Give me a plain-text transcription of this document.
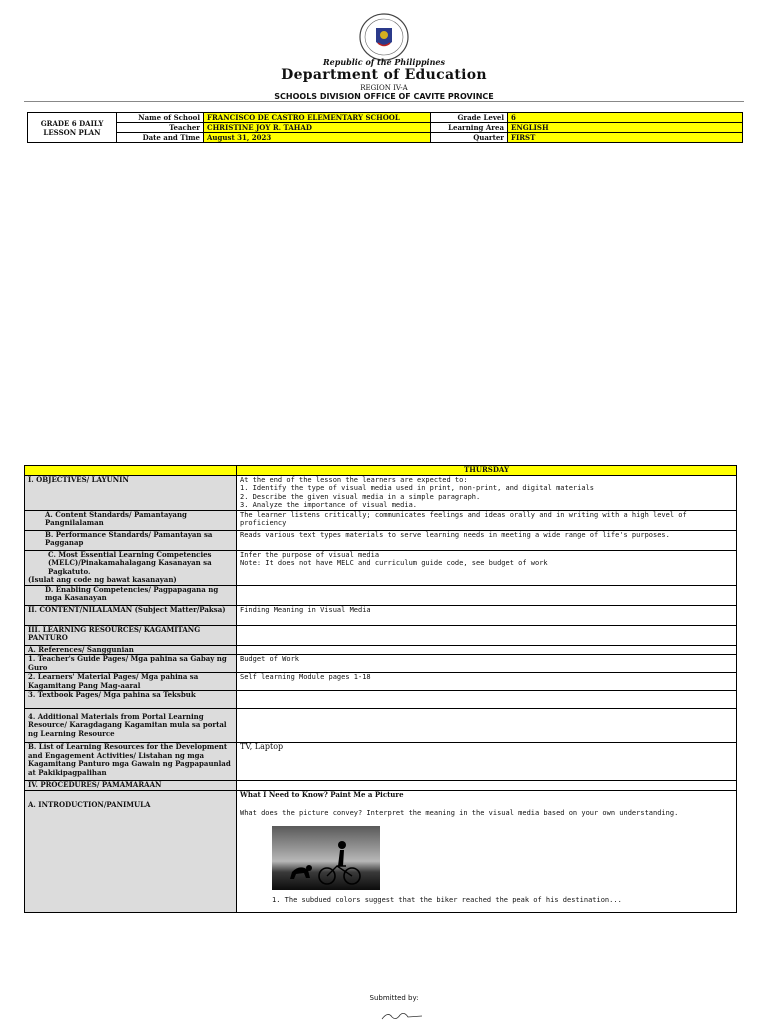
Republic of the Philippines
Department of Education
REGION IV-A
SCHOOLS DIVISION OFFICE OF CAVITE PROVINCE
GRADE 6 DAILY LESSON PLAN	Name of School	FRANCISCO DE CASTRO ELEMENTARY SCHOOL	Grade Level	6
	Teacher	CHRISTINE JOY R. TAHAD	Learning Area	ENGLISH
	Date and Time	August 31, 2023	Quarter	FIRST
	THURSDAY
I. OBJECTIVES/ LAYUNIN	At the end of the lesson the learners are expected to:
1. Identify the type of visual media used in print, non-print, and digital materials
2. Describe the given visual media in a simple paragraph.
3. Analyze the importance of visual media.

A. Content Standards/ Pamantayang Pangnilalaman	The learner listens critically; communicates feelings and ideas orally and in writing with a high level of proficiency
B. Performance Standards/ Pamantayan sa Pagganap	Reads various text types materials to serve learning needs in meeting a wide range of life's purposes.

C. Most Essential Learning Competencies (MELC)/Pinakamahalagang Kasanayan sa Pagkatuto.
(Isulat ang code ng bawat kasanayan)	Infer the purpose of visual media
Note: It does not have MELC and curriculum guide code, see budget of work

D. Enabling Competencies/ Pagpapagana ng mga Kasanayan	
II. CONTENT/NILALAMAN (Subject Matter/Paksa)	Finding Meaning in Visual Media
III. LEARNING RESOURCES/ KAGAMITANG PANTURO	
A. References/ Sanggunian	
1. Teacher's Guide Pages/ Mga pahina sa Gabay ng Guro	Budget of Work
2. Learners' Material Pages/ Mga pahina sa Kagamitang Pang Mag-aaral	Self learning Module pages 1-18
3. Textbook Pages/ Mga pahina sa Teksbuk	
4. Additional Materials from Portal Learning Resource/ Karagdagang Kagamitan mula sa portal ng Learning Resource	
B. List of Learning Resources for the Development and Engagement Activities/ Listahan ng mga Kagamitang Panturo mga Gawain ng Pagpapaunlad at Pakikipagpalihan	TV, Laptop
IV. PROCEDURES/ PAMAMARAAN	
A. INTRODUCTION/PANIMULA	What I Need to Know? Paint Me a Picture
What does the picture convey? Interpret the meaning in the visual media based on your own understanding.
1. The subdued colors suggest that the biker reached the peak of his destination...
Submitted by:
